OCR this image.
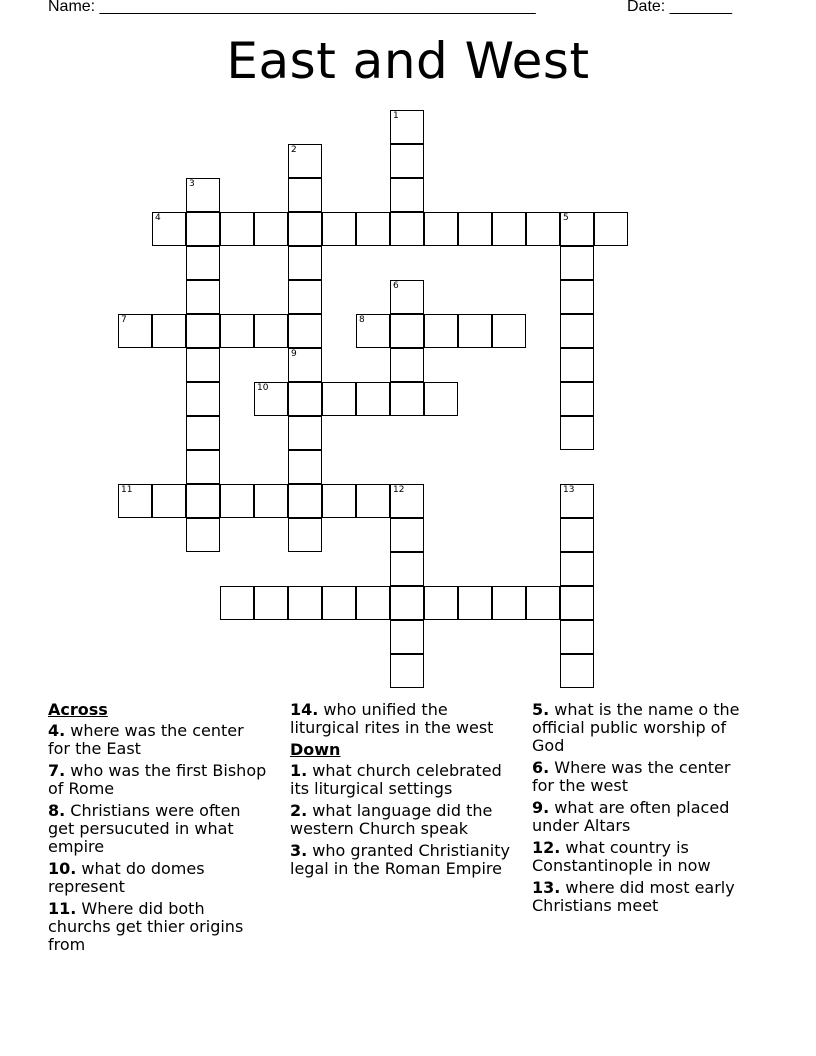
Name: _________________________________________________	Date: _______
East and West
1
2
9
3
4	5
6
7	8
10
11	12	13
Across
4. where was the center for the East
7. who was the first Bishop of Rome
8. Christians were often get persucuted in what empire
10. what do domes represent
11. Where did both churchs get thier origins from
14. who unified the liturgical rites in the west
Down
1. what church celebrated its liturgical settings
2. what language did the western Church speak
3. who granted Christianity legal in the Roman Empire
5. what is the name o the official public worship of God
6. Where was the center for the west
9. what are often placed under Altars
12. what country is Constantinople in now
13. where did most early Christians meet
